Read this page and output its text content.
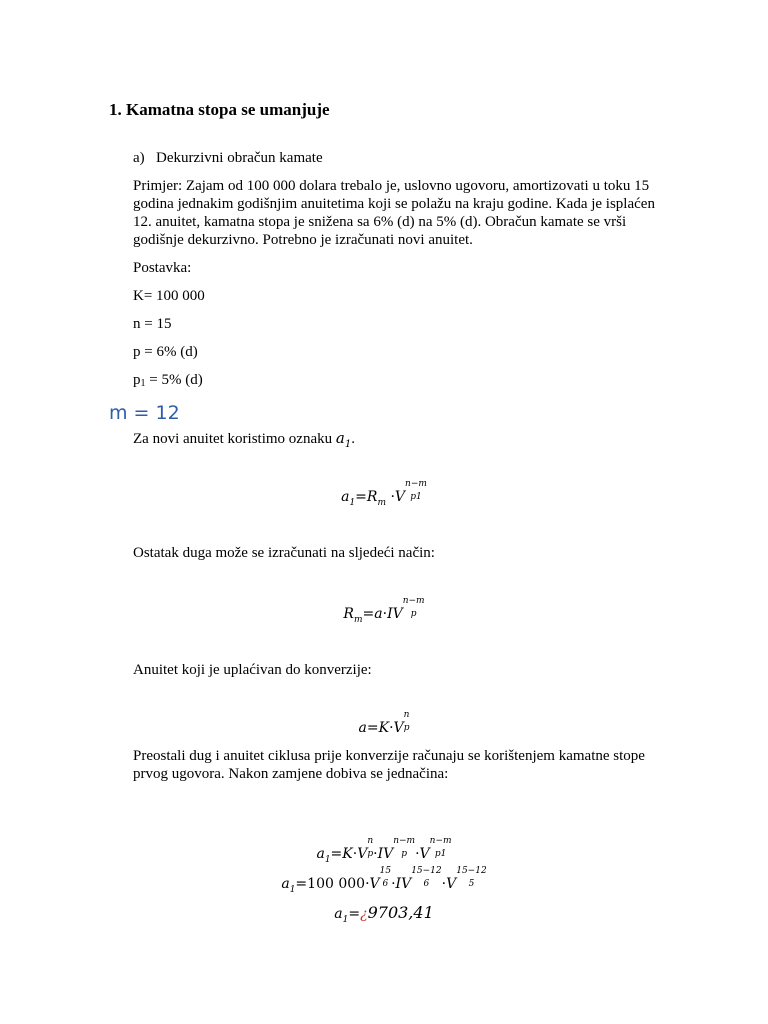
1. Kamatna stopa se umanjuje
a) Dekurzivni obračun kamate
Primjer: Zajam od 100 000 dolara trebalo je, uslovno ugovoru, amortizovati u toku 15
godina jednakim godišnjim anuitetima koji se polažu na kraju godine. Kada je isplaćen
12. anuitet, kamatna stopa je snižena sa 6% (d) na 5% (d). Obračun kamate se vrši
godišnje dekurzivno. Potrebno je izračunati novi anuitet.
Postavka:
K= 100 000
n = 15
p = 6% (d)
$p_1 = 5\%$ (d)
m = 12
Za novi anuitet koristimo oznaku $a_1$.
$a_1=R_m \cdot V$
n−m
p1
Ostatak duga može se izračunati na sljedeći način:
$R_m=a\cdot IV$
n−m
p
Anuitet koji je uplaćivan do konverzije:
a=K·V
n
p
Preostali dug i anuitet ciklusa prije konverzije računaju se korištenjem kamatne stope
prvog ugovora. Nakon zamjene dobiva se jednačina:
$a_1=K\cdot V$
n
p ·IV
n−m
p ·V
n−m
p1
$a_1=100$ 000·V
15
6 ·IV
15−12
6 ·V
15−12
5
$a_1=¿9703,41$
